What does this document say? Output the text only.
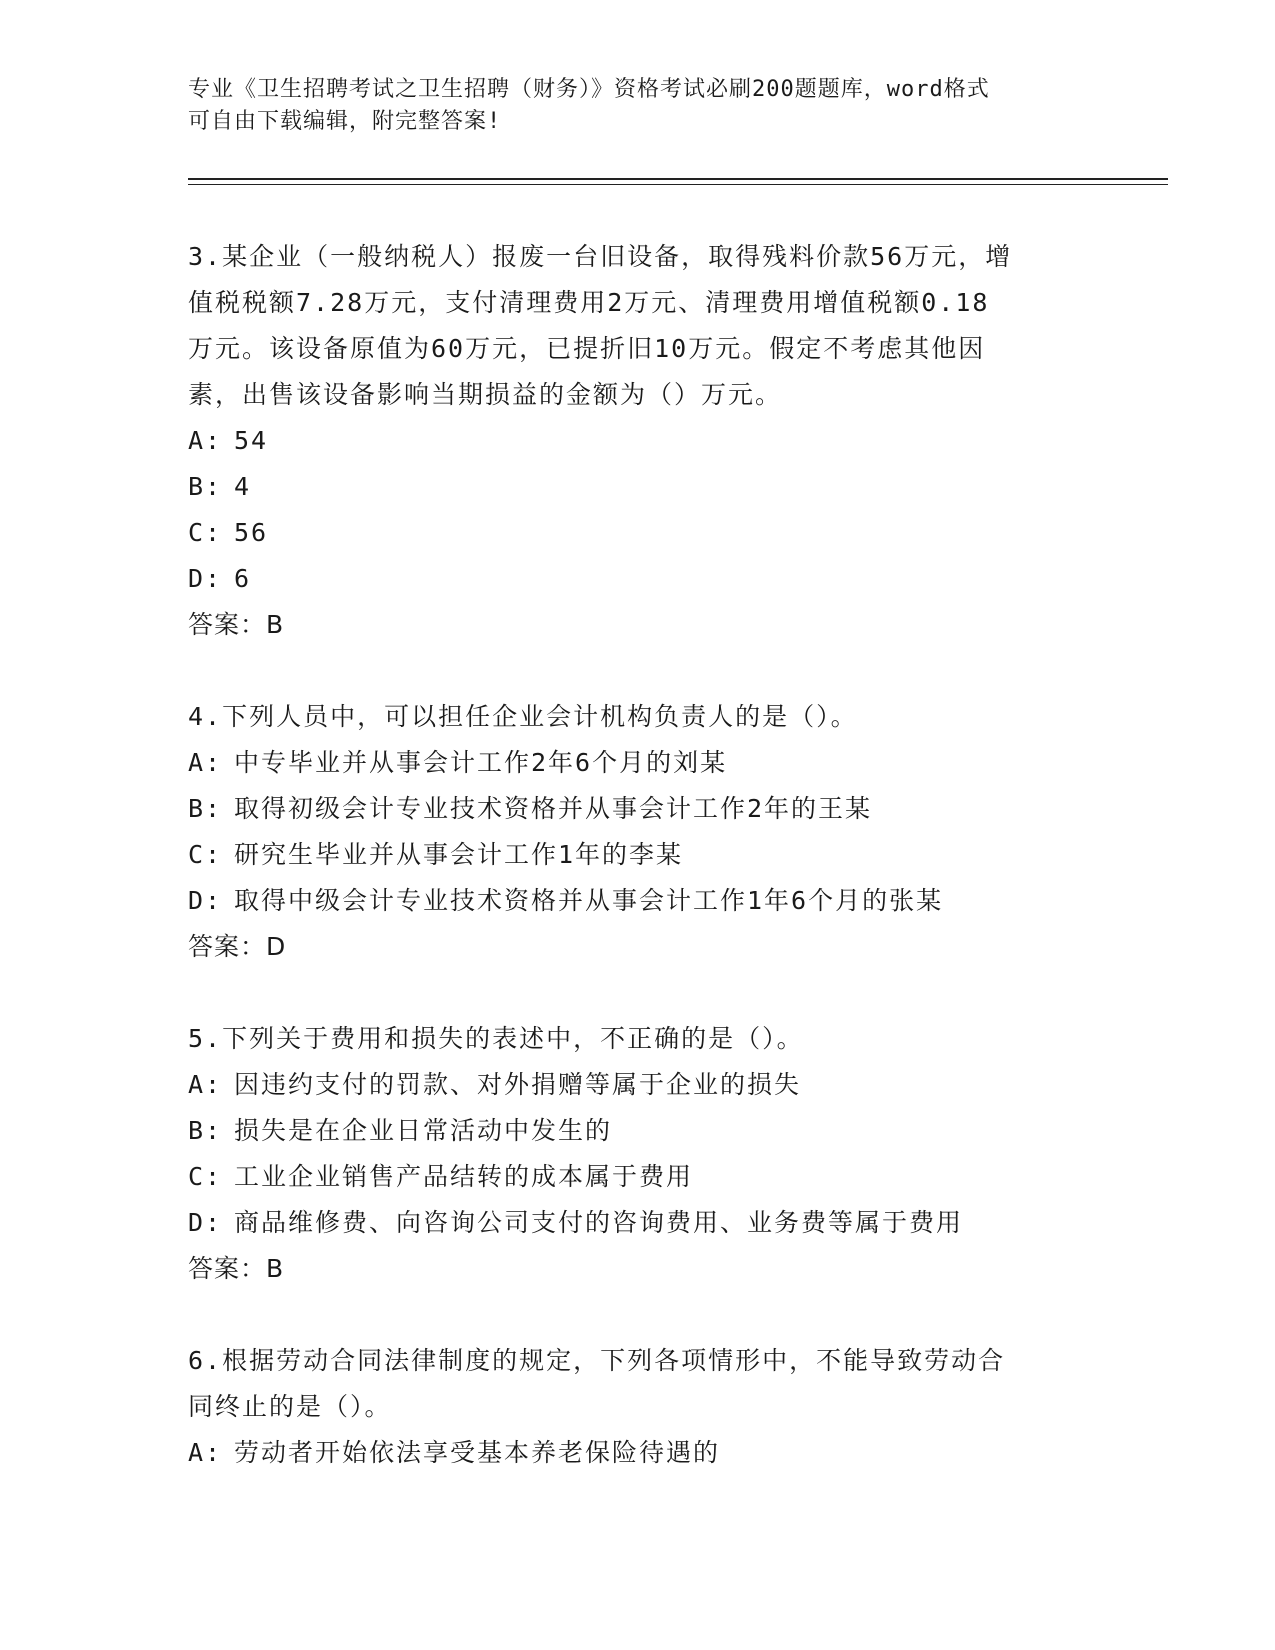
专业《卫生招聘考试之卫生招聘（财务）》资格考试必刷200题题库，word格式
可自由下载编辑，附完整答案!
3.某企业（一般纳税人）报废一台旧设备，取得残料价款56万元，增
值税税额7.28万元，支付清理费用2万元、清理费用增值税额0.18
万元。该设备原值为60万元，已提折旧10万元。假定不考虑其他因
素，出售该设备影响当期损益的金额为（）万元。
A: 54
B: 4
C: 56
D: 6
答案：B
4.下列人员中，可以担任企业会计机构负责人的是（）。
A: 中专毕业并从事会计工作2年6个月的刘某
B: 取得初级会计专业技术资格并从事会计工作2年的王某
C: 研究生毕业并从事会计工作1年的李某
D: 取得中级会计专业技术资格并从事会计工作1年6个月的张某
答案：D
5.下列关于费用和损失的表述中，不正确的是（）。
A: 因违约支付的罚款、对外捐赠等属于企业的损失
B: 损失是在企业日常活动中发生的
C: 工业企业销售产品结转的成本属于费用
D: 商品维修费、向咨询公司支付的咨询费用、业务费等属于费用
答案：B
6.根据劳动合同法律制度的规定，下列各项情形中，不能导致劳动合
同终止的是（）。
A: 劳动者开始依法享受基本养老保险待遇的
